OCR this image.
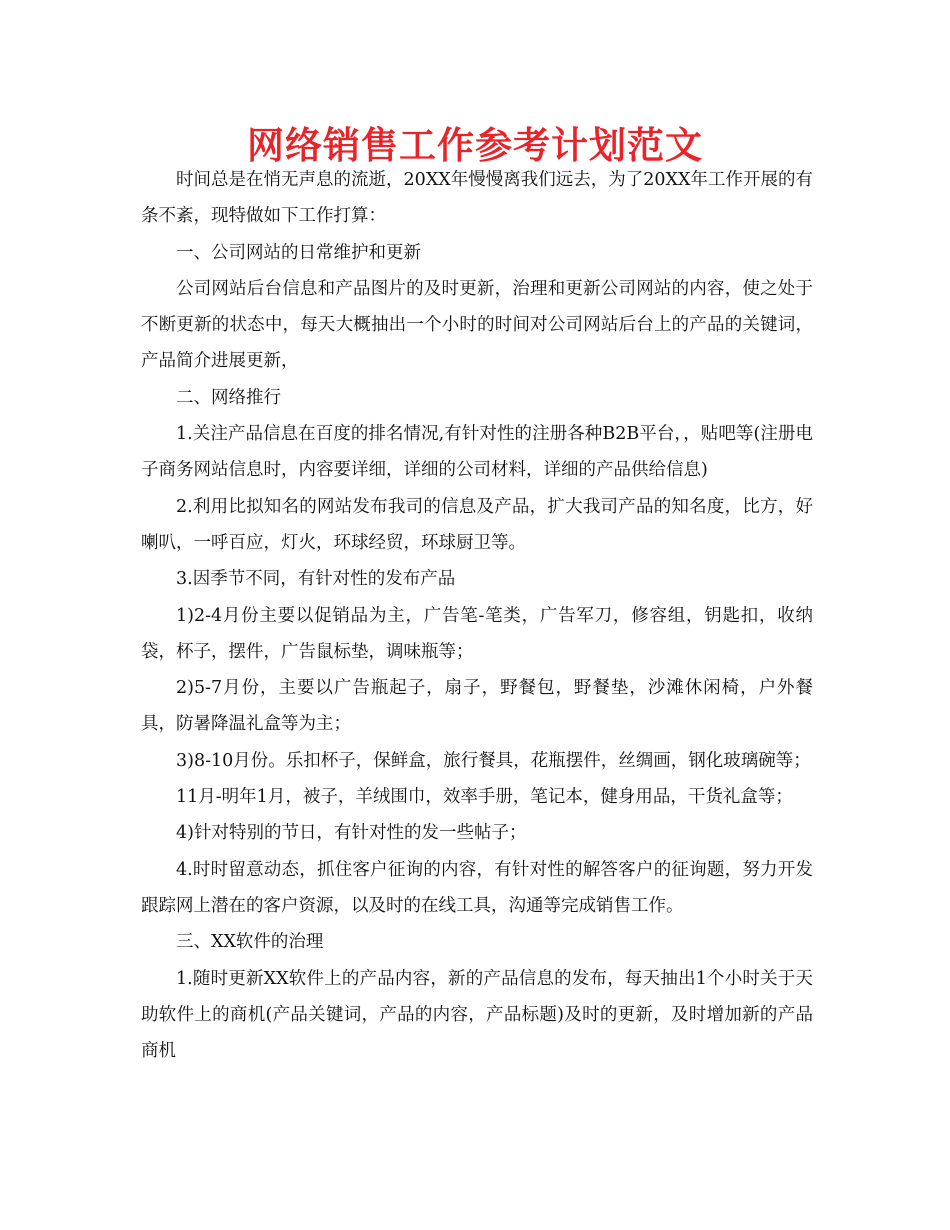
网络销售工作参考计划范文

时间总是在悄无声息的流逝，20XX年慢慢离我们远去，为了20XX年工作开展的有条不紊，现特做如下工作打算：

一、公司网站的日常维护和更新

公司网站后台信息和产品图片的及时更新，治理和更新公司网站的内容，使之处于不断更新的状态中，每天大概抽出一个小时的时间对公司网站后台上的产品的关键词，产品简介进展更新，

二、网络推行

1.关注产品信息在百度的排名情况,有针对性的注册各种B2B平台，，贴吧等(注册电子商务网站信息时，内容要详细，详细的公司材料，详细的产品供给信息)

2.利用比拟知名的网站发布我司的信息及产品，扩大我司产品的知名度，比方，好喇叭，一呼百应，灯火，环球经贸，环球厨卫等。

3.因季节不同，有针对性的发布产品

1)2-4月份主要以促销品为主，广告笔-笔类，广告军刀，修容组，钥匙扣，收纳袋，杯子，摆件，广告鼠标垫，调味瓶等；

2)5-7月份，主要以广告瓶起子，扇子，野餐包，野餐垫，沙滩休闲椅，户外餐具，防暑降温礼盒等为主；

3)8-10月份。乐扣杯子，保鲜盒，旅行餐具，花瓶摆件，丝绸画，钢化玻璃碗等；

11月-明年1月，被子，羊绒围巾，效率手册，笔记本，健身用品，干货礼盒等；

4)针对特别的节日，有针对性的发一些帖子；

4.时时留意动态，抓住客户征询的内容，有针对性的解答客户的征询题，努力开发跟踪网上潜在的客户资源，以及时的在线工具，沟通等完成销售工作。

三、XX软件的治理

1.随时更新XX软件上的产品内容，新的产品信息的发布，每天抽出1个小时关于天助软件上的商机(产品关键词，产品的内容，产品标题)及时的更新，及时增加新的产品商机
